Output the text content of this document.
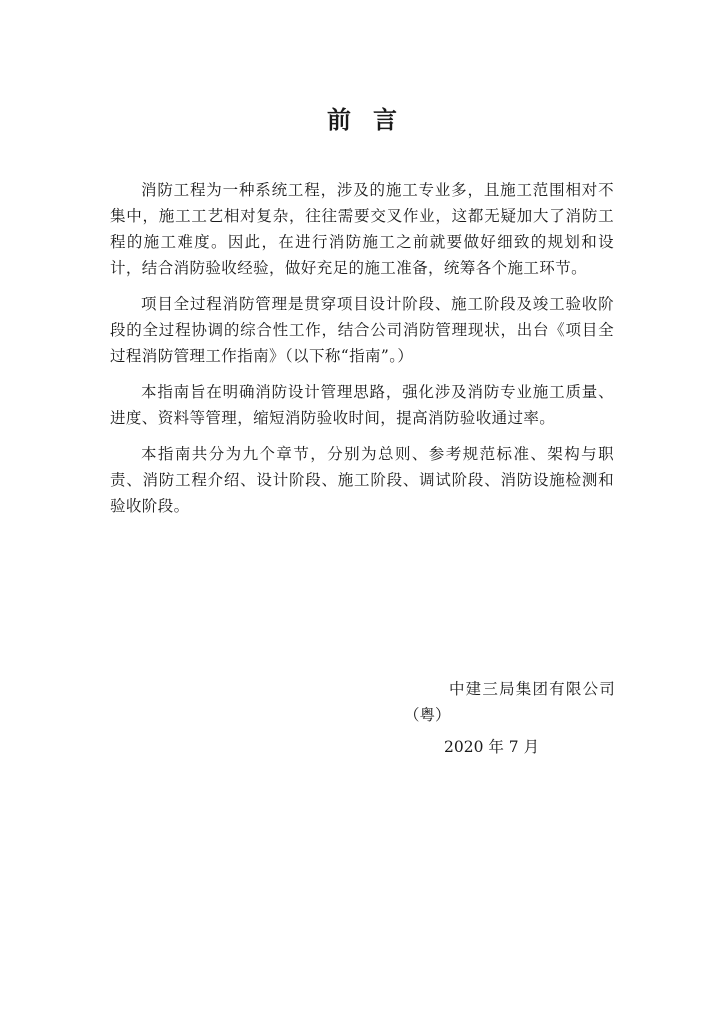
前言

消防工程为一种系统工程，涉及的施工专业多，且施工范围相对不集中，施工工艺相对复杂，往往需要交叉作业，这都无疑加大了消防工程的施工难度。因此，在进行消防施工之前就要做好细致的规划和设计，结合消防验收经验，做好充足的施工准备，统筹各个施工环节。

项目全过程消防管理是贯穿项目设计阶段、施工阶段及竣工验收阶段的全过程协调的综合性工作，结合公司消防管理现状，出台《项目全过程消防管理工作指南》（以下称“指南”。）

本指南旨在明确消防设计管理思路，强化涉及消防专业施工质量、进度、资料等管理，缩短消防验收时间，提高消防验收通过率。

本指南共分为九个章节，分别为总则、参考规范标准、架构与职责、消防工程介绍、设计阶段、施工阶段、调试阶段、消防设施检测和验收阶段。

中建三局集团有限公司
（粤）
2020 年 7 月
